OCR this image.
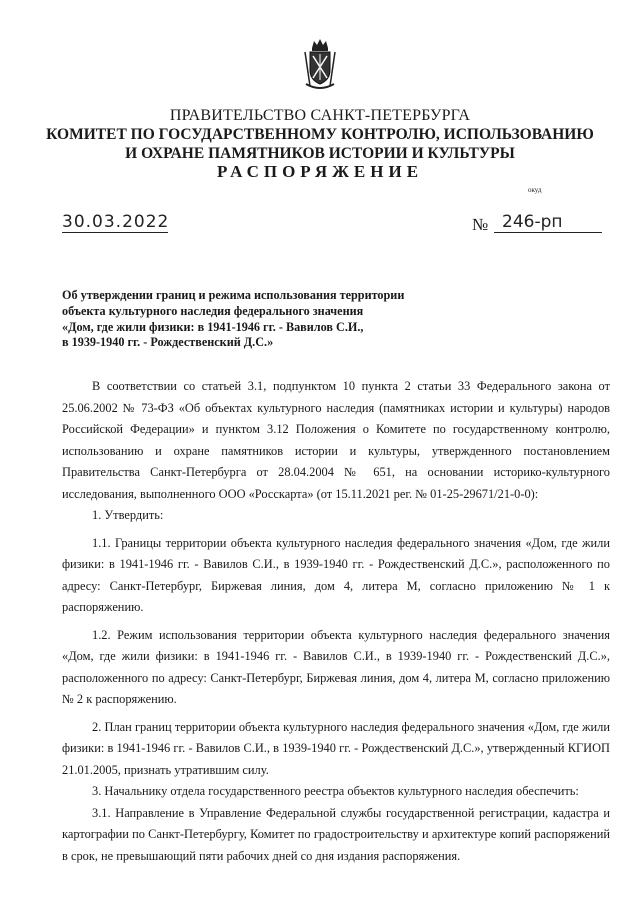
ПРАВИТЕЛЬСТВО САНКТ-ПЕТЕРБУРГА
КОМИТЕТ ПО ГОСУДАРСТВЕННОМУ КОНТРОЛЮ, ИСПОЛЬЗОВАНИЮ
И ОХРАНЕ ПАМЯТНИКОВ ИСТОРИИ И КУЛЬТУРЫ
РАСПОРЯЖЕНИЕ
окуд
30.03.2022	№ 246-рп
Об утверждении границ и режима использования территории
объекта культурного наследия федерального значения
«Дом, где жили физики: в 1941-1946 гг. - Вавилов С.И.,
в 1939-1940 гг. - Рождественский Д.С.»

В соответствии со статьей 3.1, подпунктом 10 пункта 2 статьи 33 Федерального закона от 25.06.2002 № 73-ФЗ «Об объектах культурного наследия (памятниках истории и культуры) народов Российской Федерации» и пунктом 3.12 Положения о Комитете по государственному контролю, использованию и охране памятников истории и культуры, утвержденного постановлением Правительства Санкт-Петербурга от 28.04.2004 № 651, на основании историко-культурного исследования, выполненного ООО «Росскарта» (от 15.11.2021 рег. № 01-25-29671/21-0-0):

1. Утвердить:

1.1. Границы территории объекта культурного наследия федерального значения «Дом, где жили физики: в 1941-1946 гг. - Вавилов С.И., в 1939-1940 гг. - Рождественский Д.С.», расположенного по адресу: Санкт-Петербург, Биржевая линия, дом 4, литера М, согласно приложению № 1 к распоряжению.

1.2. Режим использования территории объекта культурного наследия федерального значения «Дом, где жили физики: в 1941-1946 гг. - Вавилов С.И., в 1939-1940 гг. - Рождественский Д.С.», расположенного по адресу: Санкт-Петербург, Биржевая линия, дом 4, литера М, согласно приложению № 2 к распоряжению.

2. План границ территории объекта культурного наследия федерального значения «Дом, где жили физики: в 1941-1946 гг. - Вавилов С.И., в 1939-1940 гг. - Рождественский Д.С.», утвержденный КГИОП 21.01.2005, признать утратившим силу.

3. Начальнику отдела государственного реестра объектов культурного наследия обеспечить:

3.1. Направление в Управление Федеральной службы государственной регистрации, кадастра и картографии по Санкт-Петербургу, Комитет по градостроительству и архитектуре копий распоряжений в срок, не превышающий пяти рабочих дней со дня издания распоряжения.
